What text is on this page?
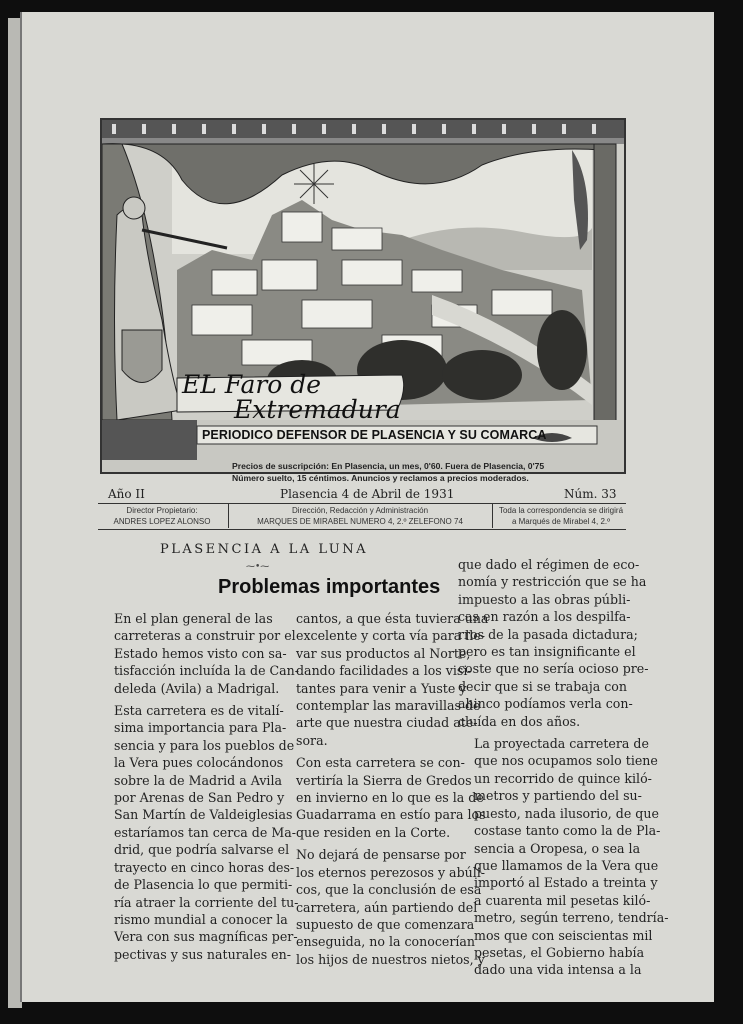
EL Faro de
Extremadura
PERIODICO DEFENSOR DE PLASENCIA Y SU COMARCA
Precios de suscripción: En Plasencia, un mes, 0'60. Fuera de Plasencia, 0'75
Número suelto, 15 céntimos. Anuncios y reclamos a precios moderados.
Año II	Plasencia 4 de Abril de 1931	Núm. 33
Director Propietario:
ANDRES LOPEZ ALONSO
Dirección, Redacción y Administración
MARQUES DE MIRABEL NUMERO 4, 2.º ZELEFONO 74
Toda la correspondencia se dirigirá
a Marqués de Mirabel 4, 2.º
PLASENCIA A LA LUNA
⁓•⁓
Problemas importantes

En el plan general de las
carreteras a construir por el
Estado hemos visto con sa-
tisfacción incluída la de Can-
deleda (Avila) a Madrigal.

Esta carretera es de vitalí-
sima importancia para Pla-
sencia y para los pueblos de
la Vera pues colocándonos
sobre la de Madrid a Avila
por Arenas de San Pedro y
San Martín de Valdeiglesias
estaríamos tan cerca de Ma-
drid, que podría salvarse el
trayecto en cinco horas des-
de Plasencia lo que permiti-
ría atraer la corriente del tu-
rismo mundial a conocer la
Vera con sus magníficas per-
pectivas y sus naturales en-

cantos, a que ésta tuviera una
excelente y corta vía para lle-
var sus productos al Norte,
dando facilidades a los visi-
tantes para venir a Yuste y
contemplar las maravillas de
arte que nuestra ciudad ate-
sora.

Con esta carretera se con-
vertiría la Sierra de Gredos
en invierno en lo que es la de
Guadarrama en estío para los
que residen en la Corte.

No dejará de pensarse por
los eternos perezosos y abúli-
cos, que la conclusión de esa
carretera, aún partiendo del
supuesto de que comenzara
enseguida, no la conocerían
los hijos de nuestros nietos, y

que dado el régimen de eco-
nomía y restricción que se ha
impuesto a las obras públi-
cas en razón a los despilfa-
rros de la pasada dictadura;
pero es tan insignificante el
coste que no sería ocioso pre-
decir que si se trabaja con
ahinco podíamos verla con-
cluída en dos años.

La proyectada carretera de
que nos ocupamos solo tiene
un recorrido de quince kiló-
metros y partiendo del su-
puesto, nada ilusorio, de que
costase tanto como la de Pla-
sencia a Oropesa, o sea la
que llamamos de la Vera que
importó al Estado a treinta y
a cuarenta mil pesetas kiló-
metro, según terreno, tendría-
mos que con seiscientas mil
pesetas, el Gobierno había
dado una vida intensa a la
